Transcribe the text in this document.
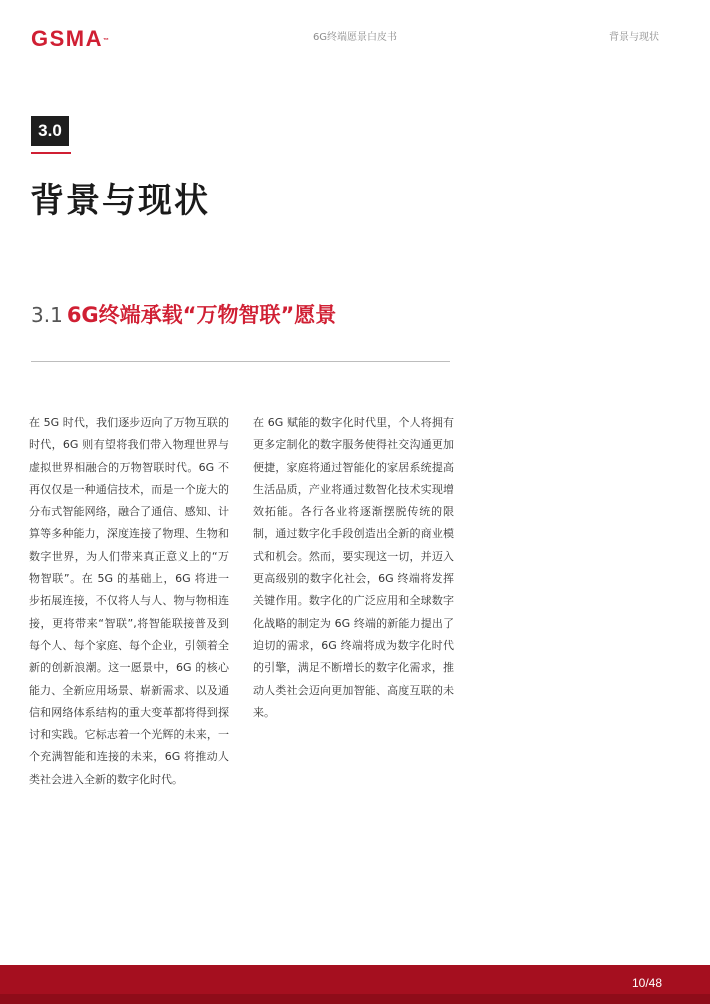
GSMA™	6G终端愿景白皮书	背景与现状
3.0
背景与现状
3.1 6G终端承载“万物智联”愿景

在 5G 时代，我们逐步迈向了万物互联的时代，6G 则有望将我们带入物理世界与虚拟世界相融合的万物智联时代。6G 不再仅仅是一种通信技术，而是一个庞大的分布式智能网络，融合了通信、感知、计算等多种能力，深度连接了物理、生物和数字世界，为人们带来真正意义上的“万物智联”。在 5G 的基础上，6G 将进一步拓展连接，不仅将人与人、物与物相连接，更将带来“智联”,将智能联接普及到每个人、每个家庭、每个企业，引领着全新的创新浪潮。这一愿景中，6G 的核心能力、全新应用场景、崭新需求、以及通信和网络体系结构的重大变革都将得到探讨和实践。它标志着一个光辉的未来，一个充满智能和连接的未来，6G 将推动人类社会进入全新的数字化时代。

在 6G 赋能的数字化时代里，个人将拥有更多定制化的数字服务使得社交沟通更加便捷，家庭将通过智能化的家居系统提高生活品质，产业将通过数智化技术实现增效拓能。各行各业将逐渐摆脱传统的限制，通过数字化手段创造出全新的商业模式和机会。然而，要实现这一切，并迈入更高级别的数字化社会，6G 终端将发挥关键作用。数字化的广泛应用和全球数字化战略的制定为 6G 终端的新能力提出了迫切的需求，6G 终端将成为数字化时代的引擎，满足不断增长的数字化需求，推动人类社会迈向更加智能、高度互联的未来。

10/48
